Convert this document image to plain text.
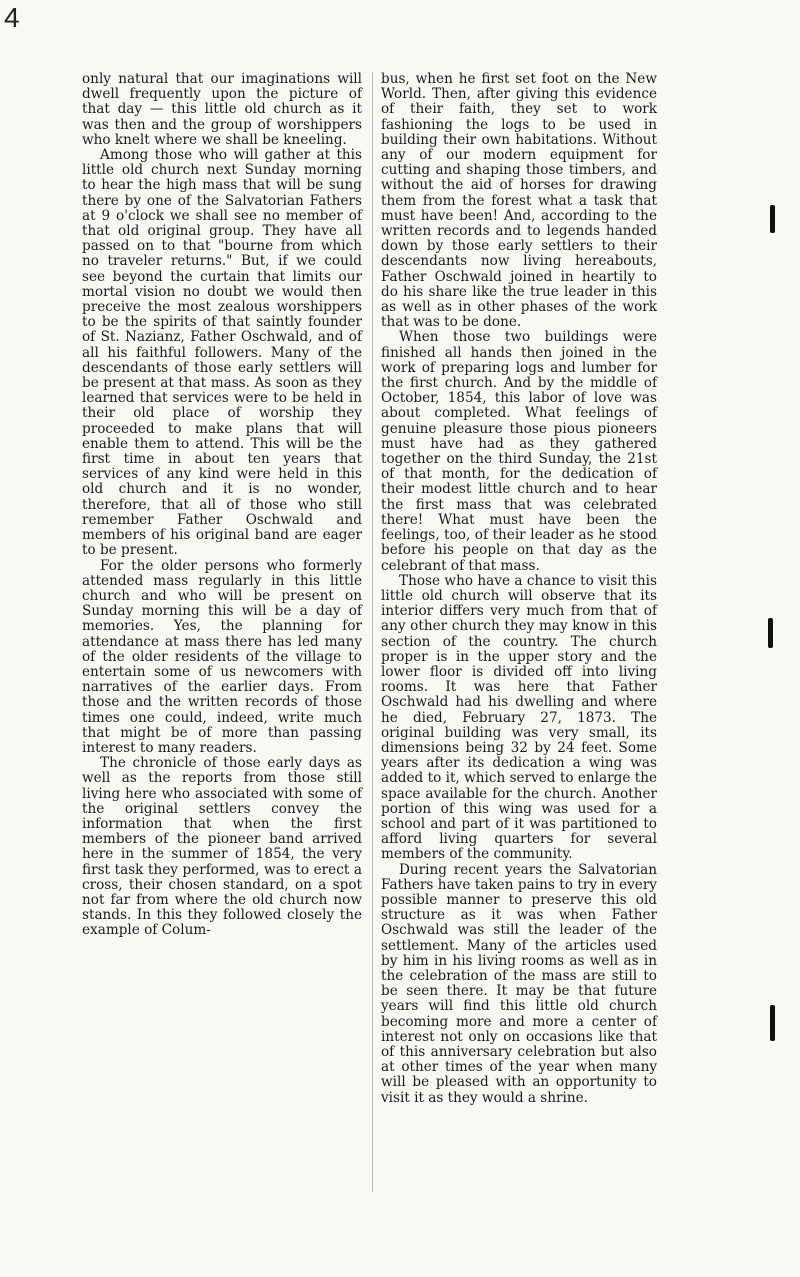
4

only natural that our imaginations will dwell frequently upon the picture of that day — this little old church as it was then and the group of worshippers who knelt where we shall be kneeling.

Among those who will gather at this little old church next Sunday morning to hear the high mass that will be sung there by one of the Salvatorian Fathers at 9 o'clock we shall see no member of that old original group. They have all passed on to that "bourne from which no traveler returns." But, if we could see beyond the curtain that limits our mortal vision no doubt we would then preceive the most zealous worshippers to be the spirits of that saintly founder of St. Nazianz, Father Oschwald, and of all his faithful followers. Many of the descendants of those early settlers will be present at that mass. As soon as they learned that services were to be held in their old place of worship they proceeded to make plans that will enable them to attend. This will be the first time in about ten years that services of any kind were held in this old church and it is no wonder, therefore, that all of those who still remember Father Oschwald and members of his original band are eager to be present.

For the older persons who formerly attended mass regularly in this little church and who will be present on Sunday morning this will be a day of memories. Yes, the planning for attendance at mass there has led many of the older residents of the village to entertain some of us newcomers with narratives of the earlier days. From those and the written records of those times one could, indeed, write much that might be of more than passing interest to many readers.

The chronicle of those early days as well as the reports from those still living here who associated with some of the original settlers convey the information that when the first members of the pioneer band arrived here in the summer of 1854, the very first task they performed, was to erect a cross, their chosen standard, on a spot not far from where the old church now stands. In this they followed closely the example of Colum-

bus, when he first set foot on the New World. Then, after giving this evidence of their faith, they set to work fashioning the logs to be used in building their own habitations. Without any of our modern equipment for cutting and shaping those timbers, and without the aid of horses for drawing them from the forest what a task that must have been! And, according to the written records and to legends handed down by those early settlers to their descendants now living hereabouts, Father Oschwald joined in heartily to do his share like the true leader in this as well as in other phases of the work that was to be done.

When those two buildings were finished all hands then joined in the work of preparing logs and lumber for the first church. And by the middle of October, 1854, this labor of love was about completed. What feelings of genuine pleasure those pious pioneers must have had as they gathered together on the third Sunday, the 21st of that month, for the dedication of their modest little church and to hear the first mass that was celebrated there! What must have been the feelings, too, of their leader as he stood before his people on that day as the celebrant of that mass.

Those who have a chance to visit this little old church will observe that its interior differs very much from that of any other church they may know in this section of the country. The church proper is in the upper story and the lower floor is divided off into living rooms. It was here that Father Oschwald had his dwelling and where he died, February 27, 1873. The original building was very small, its dimensions being 32 by 24 feet. Some years after its dedication a wing was added to it, which served to enlarge the space available for the church. Another portion of this wing was used for a school and part of it was partitioned to afford living quarters for several members of the community.

During recent years the Salvatorian Fathers have taken pains to try in every possible manner to preserve this old structure as it was when Father Oschwald was still the leader of the settlement. Many of the articles used by him in his living rooms as well as in the celebration of the mass are still to be seen there. It may be that future years will find this little old church becoming more and more a center of interest not only on occasions like that of this anniversary celebration but also at other times of the year when many will be pleased with an opportunity to visit it as they would a shrine.
